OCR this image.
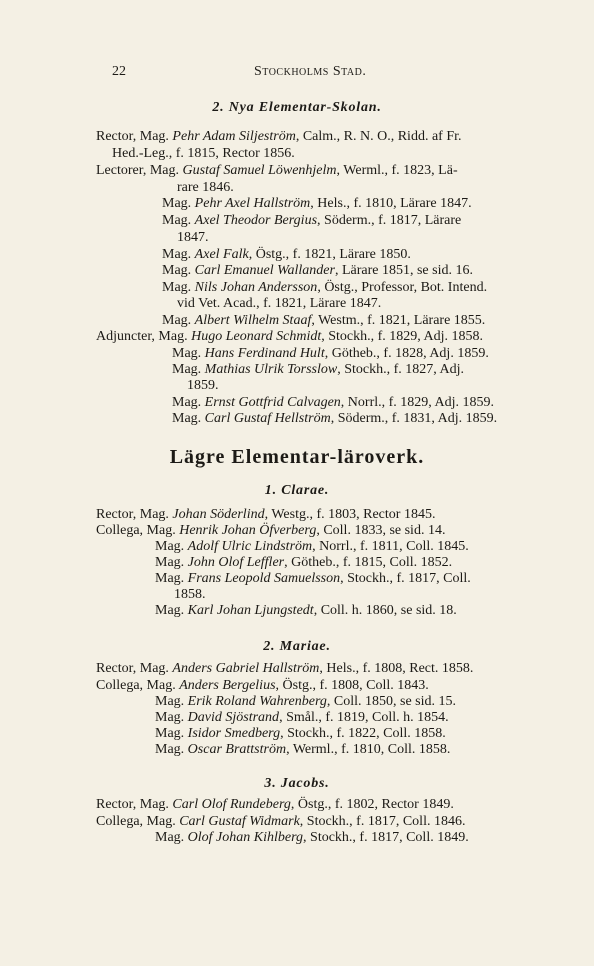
22	Stockholms Stad.
2. Nya Elementar-Skolan.
Rector, Mag. Pehr Adam Siljeström, Calm., R. N. O., Ridd. af Fr.
Hed.-Leg., f. 1815, Rector 1856.
Lectorer, Mag. Gustaf Samuel Löwenhjelm, Werml., f. 1823, Lä-
rare 1846.
Mag. Pehr Axel Hallström, Hels., f. 1810, Lärare 1847.
Mag. Axel Theodor Bergius, Söderm., f. 1817, Lärare
1847.
Mag. Axel Falk, Östg., f. 1821, Lärare 1850.
Mag. Carl Emanuel Wallander, Lärare 1851, se sid. 16.
Mag. Nils Johan Andersson, Östg., Professor, Bot. Intend.
vid Vet. Acad., f. 1821, Lärare 1847.
Mag. Albert Wilhelm Staaf, Westm., f. 1821, Lärare 1855.
Adjuncter, Mag. Hugo Leonard Schmidt, Stockh., f. 1829, Adj. 1858.
Mag. Hans Ferdinand Hult, Götheb., f. 1828, Adj. 1859.
Mag. Mathias Ulrik Torsslow, Stockh., f. 1827, Adj.
1859.
Mag. Ernst Gottfrid Calvagen, Norrl., f. 1829, Adj. 1859.
Mag. Carl Gustaf Hellström, Söderm., f. 1831, Adj. 1859.
Lägre Elementar-läroverk.
1. Clarae.
Rector, Mag. Johan Söderlind, Westg., f. 1803, Rector 1845.
Collega, Mag. Henrik Johan Öfverberg, Coll. 1833, se sid. 14.
Mag. Adolf Ulric Lindström, Norrl., f. 1811, Coll. 1845.
Mag. John Olof Leffler, Götheb., f. 1815, Coll. 1852.
Mag. Frans Leopold Samuelsson, Stockh., f. 1817, Coll.
1858.
Mag. Karl Johan Ljungstedt, Coll. h. 1860, se sid. 18.
2. Mariae.
Rector, Mag. Anders Gabriel Hallström, Hels., f. 1808, Rect. 1858.
Collega, Mag. Anders Bergelius, Östg., f. 1808, Coll. 1843.
Mag. Erik Roland Wahrenberg, Coll. 1850, se sid. 15.
Mag. David Sjöstrand, Smål., f. 1819, Coll. h. 1854.
Mag. Isidor Smedberg, Stockh., f. 1822, Coll. 1858.
Mag. Oscar Brattström, Werml., f. 1810, Coll. 1858.
3. Jacobs.
Rector, Mag. Carl Olof Rundeberg, Östg., f. 1802, Rector 1849.
Collega, Mag. Carl Gustaf Widmark, Stockh., f. 1817, Coll. 1846.
Mag. Olof Johan Kihlberg, Stockh., f. 1817, Coll. 1849.
